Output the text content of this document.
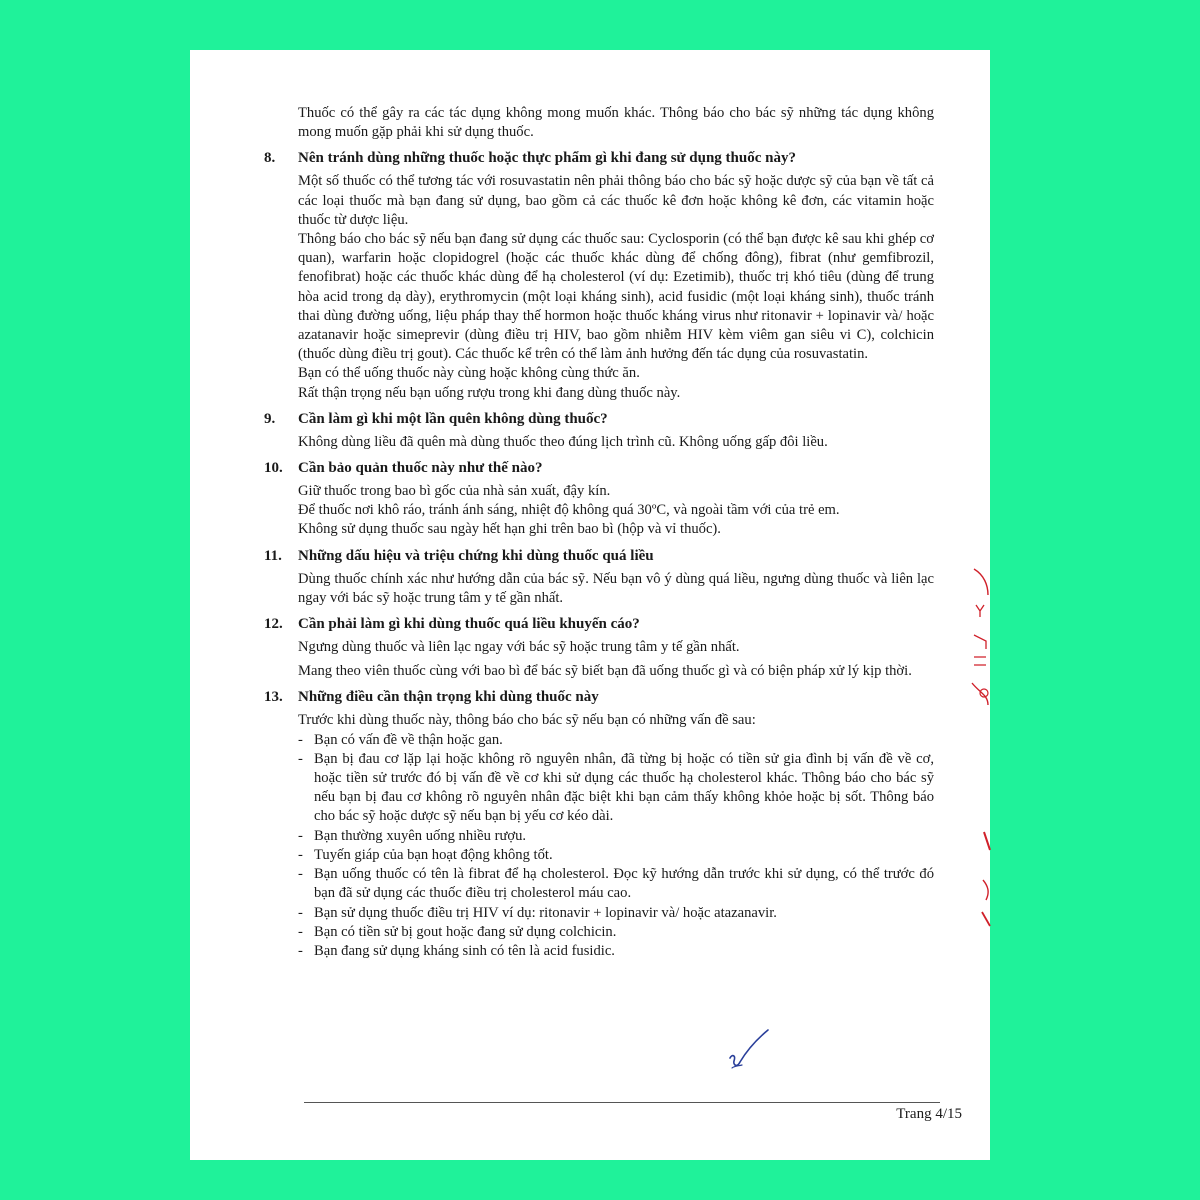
Thuốc có thể gây ra các tác dụng không mong muốn khác. Thông báo cho bác sỹ những tác dụng không mong muốn gặp phải khi sử dụng thuốc.

8. Nên tránh dùng những thuốc hoặc thực phẩm gì khi đang sử dụng thuốc này?

Một số thuốc có thể tương tác với rosuvastatin nên phải thông báo cho bác sỹ hoặc dược sỹ của bạn về tất cả các loại thuốc mà bạn đang sử dụng, bao gồm cả các thuốc kê đơn hoặc không kê đơn, các vitamin hoặc thuốc từ dược liệu.

Thông báo cho bác sỹ nếu bạn đang sử dụng các thuốc sau: Cyclosporin (có thể bạn được kê sau khi ghép cơ quan), warfarin hoặc clopidogrel (hoặc các thuốc khác dùng để chống đông), fibrat (như gemfibrozil, fenofibrat) hoặc các thuốc khác dùng để hạ cholesterol (ví dụ: Ezetimib), thuốc trị khó tiêu (dùng để trung hòa acid trong dạ dày), erythromycin (một loại kháng sinh), acid fusidic (một loại kháng sinh), thuốc tránh thai dùng đường uống, liệu pháp thay thế hormon hoặc thuốc kháng virus như ritonavir + lopinavir và/ hoặc azatanavir hoặc simeprevir (dùng điều trị HIV, bao gồm nhiễm HIV kèm viêm gan siêu vi C), colchicin (thuốc dùng điều trị gout). Các thuốc kể trên có thể làm ảnh hưởng đến tác dụng của rosuvastatin.

Bạn có thể uống thuốc này cùng hoặc không cùng thức ăn.

Rất thận trọng nếu bạn uống rượu trong khi đang dùng thuốc này.

9. Cần làm gì khi một lần quên không dùng thuốc?

Không dùng liều đã quên mà dùng thuốc theo đúng lịch trình cũ. Không uống gấp đôi liều.

10. Cần bảo quản thuốc này như thế nào?

Giữ thuốc trong bao bì gốc của nhà sản xuất, đậy kín.

Để thuốc nơi khô ráo, tránh ánh sáng, nhiệt độ không quá 30ºC, và ngoài tầm với của trẻ em.

Không sử dụng thuốc sau ngày hết hạn ghi trên bao bì (hộp và vỉ thuốc).

11. Những dấu hiệu và triệu chứng khi dùng thuốc quá liều

Dùng thuốc chính xác như hướng dẫn của bác sỹ. Nếu bạn vô ý dùng quá liều, ngưng dùng thuốc và liên lạc ngay với bác sỹ hoặc trung tâm y tế gần nhất.

12. Cần phải làm gì khi dùng thuốc quá liều khuyến cáo?

Ngưng dùng thuốc và liên lạc ngay với bác sỹ hoặc trung tâm y tế gần nhất.

Mang theo viên thuốc cùng với bao bì để bác sỹ biết bạn đã uống thuốc gì và có biện pháp xử lý kịp thời.

13. Những điều cần thận trọng khi dùng thuốc này

Trước khi dùng thuốc này, thông báo cho bác sỹ nếu bạn có những vấn đề sau:

- Bạn có vấn đề về thận hoặc gan.
- Bạn bị đau cơ lặp lại hoặc không rõ nguyên nhân, đã từng bị hoặc có tiền sử gia đình bị vấn đề về cơ, hoặc tiền sử trước đó bị vấn đề về cơ khi sử dụng các thuốc hạ cholesterol khác. Thông báo cho bác sỹ nếu bạn bị đau cơ không rõ nguyên nhân đặc biệt khi bạn cảm thấy không khỏe hoặc bị sốt. Thông báo cho bác sỹ hoặc dược sỹ nếu bạn bị yếu cơ kéo dài.
- Bạn thường xuyên uống nhiều rượu.
- Tuyến giáp của bạn hoạt động không tốt.
- Bạn uống thuốc có tên là fibrat để hạ cholesterol. Đọc kỹ hướng dẫn trước khi sử dụng, có thể trước đó bạn đã sử dụng các thuốc điều trị cholesterol máu cao.
- Bạn sử dụng thuốc điều trị HIV ví dụ: ritonavir + lopinavir và/ hoặc atazanavir.
- Bạn có tiền sử bị gout hoặc đang sử dụng colchicin.
- Bạn đang sử dụng kháng sinh có tên là acid fusidic.
Trang 4/15
